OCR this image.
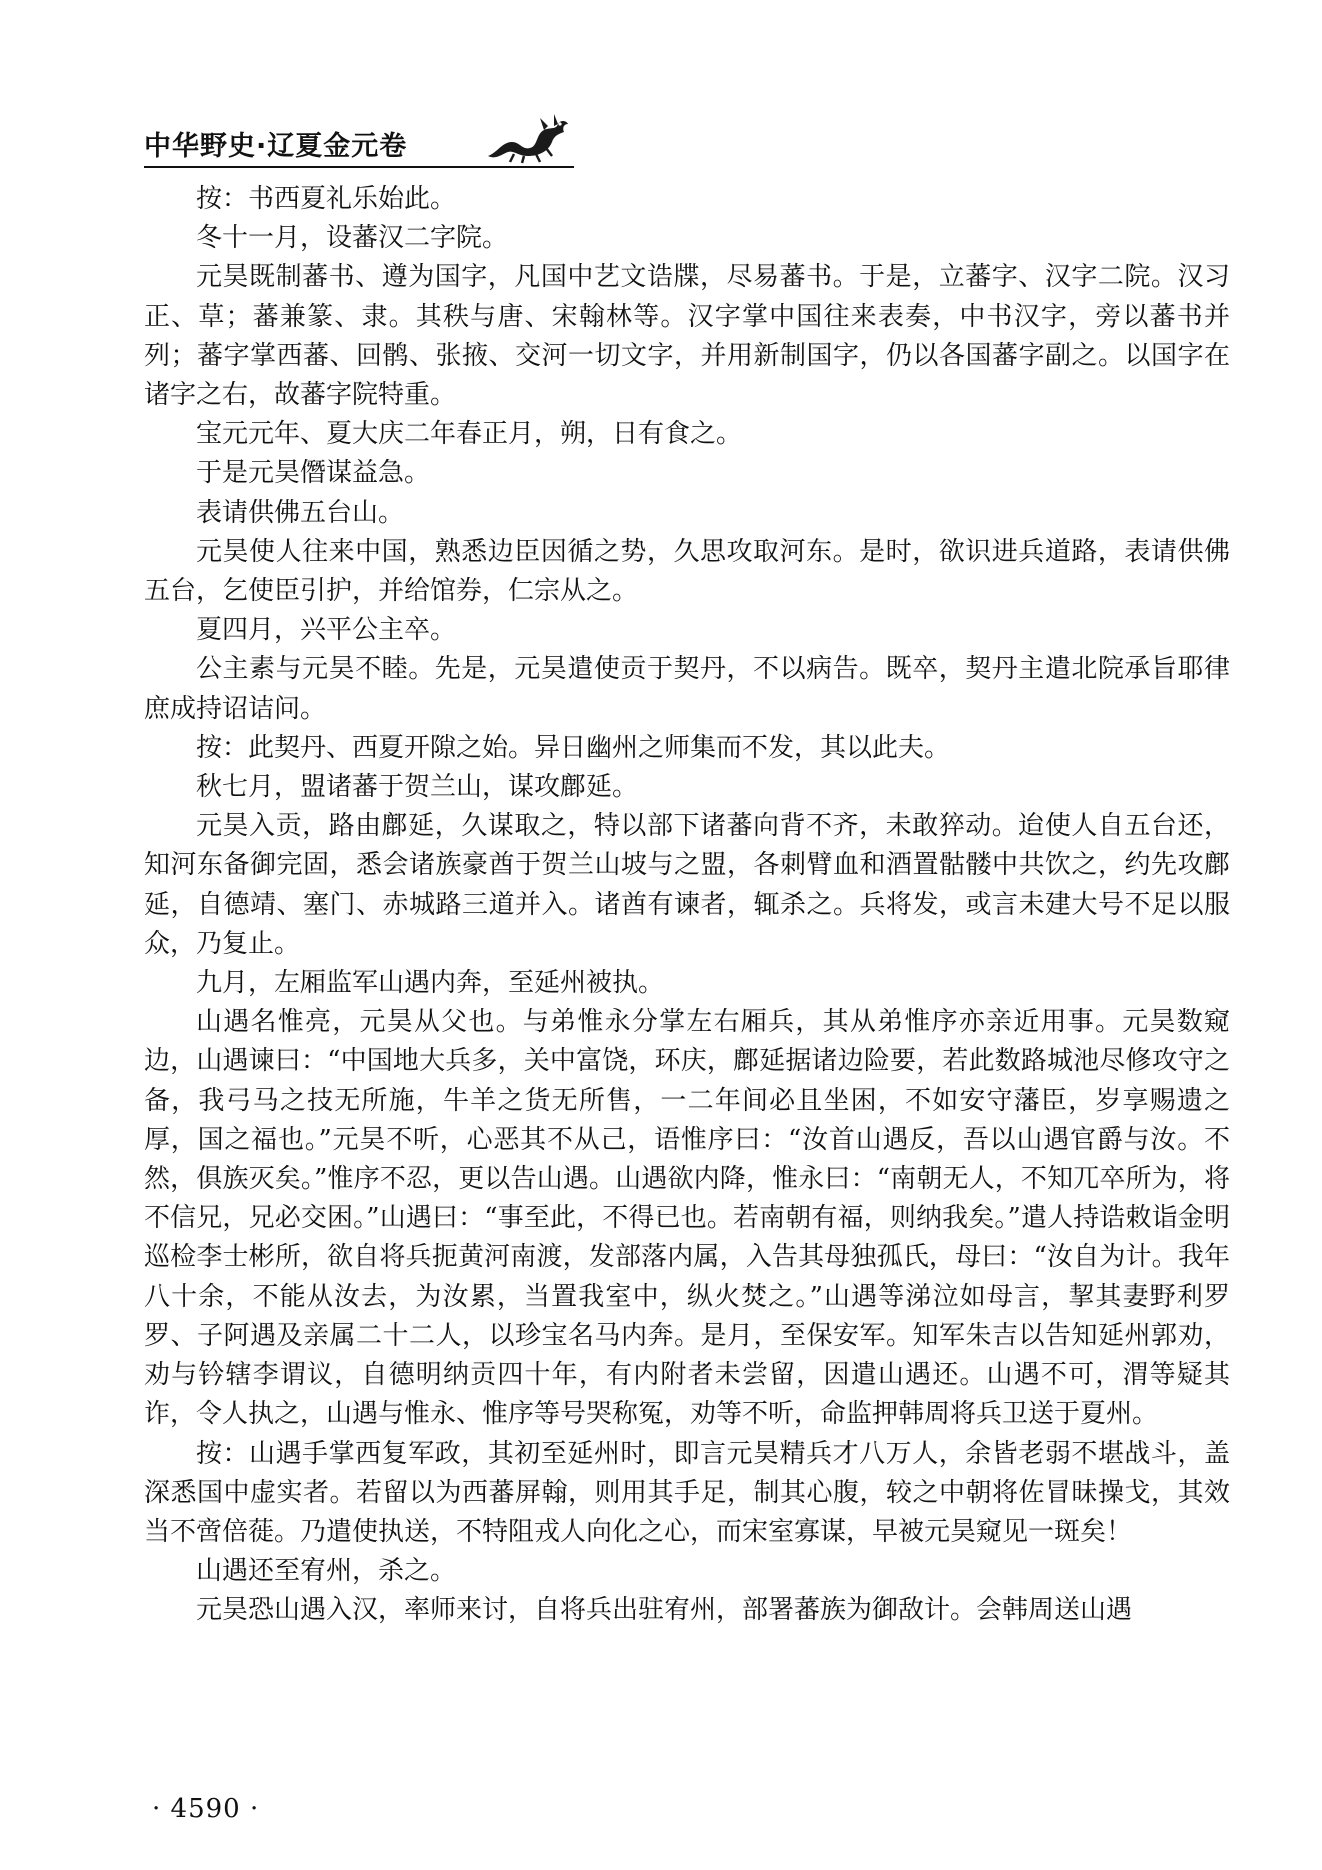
中华野史·辽夏金元卷

按：书西夏礼乐始此。

冬十一月，设蕃汉二字院。

元昊既制蕃书、遵为国字，凡国中艺文诰牒，尽易蕃书。于是，立蕃字、汉字二院。汉习正、草；蕃兼篆、隶。其秩与唐、宋翰林等。汉字掌中国往来表奏，中书汉字，旁以蕃书并列；蕃字掌西蕃、回鹘、张掖、交河一切文字，并用新制国字，仍以各国蕃字副之。以国字在诸字之右，故蕃字院特重。

宝元元年、夏大庆二年春正月，朔，日有食之。

于是元昊僭谋益急。

表请供佛五台山。

元昊使人往来中国，熟悉边臣因循之势，久思攻取河东。是时，欲识进兵道路，表请供佛五台，乞使臣引护，并给馆券，仁宗从之。

夏四月，兴平公主卒。

公主素与元昊不睦。先是，元昊遣使贡于契丹，不以病告。既卒，契丹主遣北院承旨耶律庶成持诏诘问。

按：此契丹、西夏开隙之始。异日幽州之师集而不发，其以此夫。

秋七月，盟诸蕃于贺兰山，谋攻鄜延。

元昊入贡，路由鄜延，久谋取之，特以部下诸蕃向背不齐，未敢猝动。迨使人自五台还，知河东备御完固，悉会诸族豪酋于贺兰山坡与之盟，各刺臂血和酒置骷髅中共饮之，约先攻鄜延，自德靖、塞门、赤城路三道并入。诸酋有谏者，辄杀之。兵将发，或言未建大号不足以服众，乃复止。

九月，左厢监军山遇内奔，至延州被执。

山遇名惟亮，元昊从父也。与弟惟永分掌左右厢兵，其从弟惟序亦亲近用事。元昊数窥边，山遇谏曰：“中国地大兵多，关中富饶，环庆，鄜延据诸边险要，若此数路城池尽修攻守之备，我弓马之技无所施，牛羊之货无所售，一二年间必且坐困，不如安守藩臣，岁享赐遗之厚，国之福也。”元昊不听，心恶其不从己，语惟序曰：“汝首山遇反，吾以山遇官爵与汝。不然，俱族灭矣。”惟序不忍，更以告山遇。山遇欲内降，惟永曰：“南朝无人，不知兀卒所为，将不信兄，兄必交困。”山遇曰：“事至此，不得已也。若南朝有福，则纳我矣。”遣人持诰敕诣金明巡检李士彬所，欲自将兵扼黄河南渡，发部落内属，入告其母独孤氏，母曰：“汝自为计。我年八十余，不能从汝去，为汝累，当置我室中，纵火焚之。”山遇等涕泣如母言，挈其妻野利罗罗、子阿遇及亲属二十二人，以珍宝名马内奔。是月，至保安军。知军朱吉以告知延州郭劝，劝与钤辖李谓议，自德明纳贡四十年，有内附者未尝留，因遣山遇还。山遇不可，渭等疑其诈，令人执之，山遇与惟永、惟序等号哭称冤，劝等不听，命监押韩周将兵卫送于夏州。

按：山遇手掌西复军政，其初至延州时，即言元昊精兵才八万人，余皆老弱不堪战斗，盖深悉国中虚实者。若留以为西蕃屏翰，则用其手足，制其心腹，较之中朝将佐冒昧操戈，其效当不啻倍蓰。乃遣使执送，不特阻戎人向化之心，而宋室寡谋，早被元昊窥见一斑矣！

山遇还至宥州，杀之。

元昊恐山遇入汉，率师来讨，自将兵出驻宥州，部署蕃族为御敌计。会韩周送山遇

· 4590 ·
